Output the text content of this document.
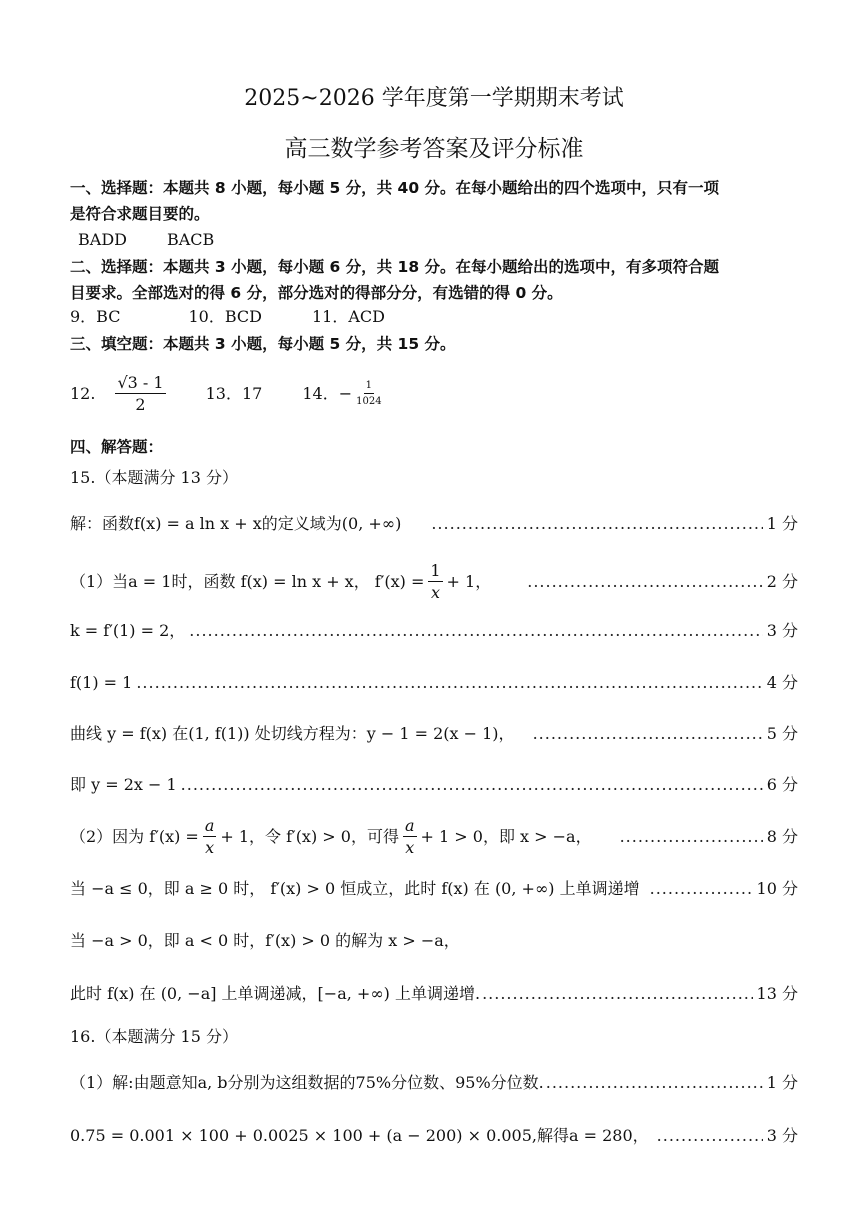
2025~2026 学年度第一学期期末考试
高三数学参考答案及评分标准
一、选择题：本题共 8 小题，每小题 5 分，共 40 分。在每小题给出的四个选项中，只有一项
是符合求题目要的。
BADD	BACB
二、选择题：本题共 3 小题，每小题 6 分，共 18 分。在每小题给出的选项中，有多项符合题
目要求。全部选对的得 6 分，部分选对的得部分分，有选错的得 0 分。
9．BC	10．BCD	11．ACD
三、填空题：本题共 3 小题，每小题 5 分，共 15 分。
12. $\frac{√3 - 1}{2}$	13．17	14．− $\frac{1}{1024}$
四、解答题：
15.（本题满分 13 分）
解：函数f(x) = a ln x + x的定义域为(0, +∞) .....	1 分
（1）当a = 1时，函数 f(x) = ln x + x， $f'(x) = \frac{1}{x} + 1$， .....	2 分
k = f′(1) = 2， .....	3 分
f(1) = 1 .....	4 分
曲线 y = f(x) 在(1, f(1)) 处切线方程为：y − 1 = 2(x − 1)， .....	5 分
即 y = 2x − 1 .....	6 分
（2）因为 $f'(x) = \frac{a}{x} + 1$，令 f′(x) > 0，可得 $\frac{a}{x} + 1 > 0$，即 x > −a， .....	8 分
当 −a ≤ 0，即 a ≥ 0 时， f′(x) > 0 恒成立，此时 f(x) 在 (0, +∞) 上单调递增 .....	10 分
当 −a > 0，即 a < 0 时，f′(x) > 0 的解为 x > −a，
此时 f(x) 在 (0, −a] 上单调递减，[−a, +∞) 上单调递增. .....	13 分
16.（本题满分 15 分）
（1）解:由题意知a, b分别为这组数据的75%分位数、95%分位数. .....	1 分
0.75 = 0.001 × 100 + 0.0025 × 100 + (a − 200) × 0.005,解得a = 280， .....	3 分
